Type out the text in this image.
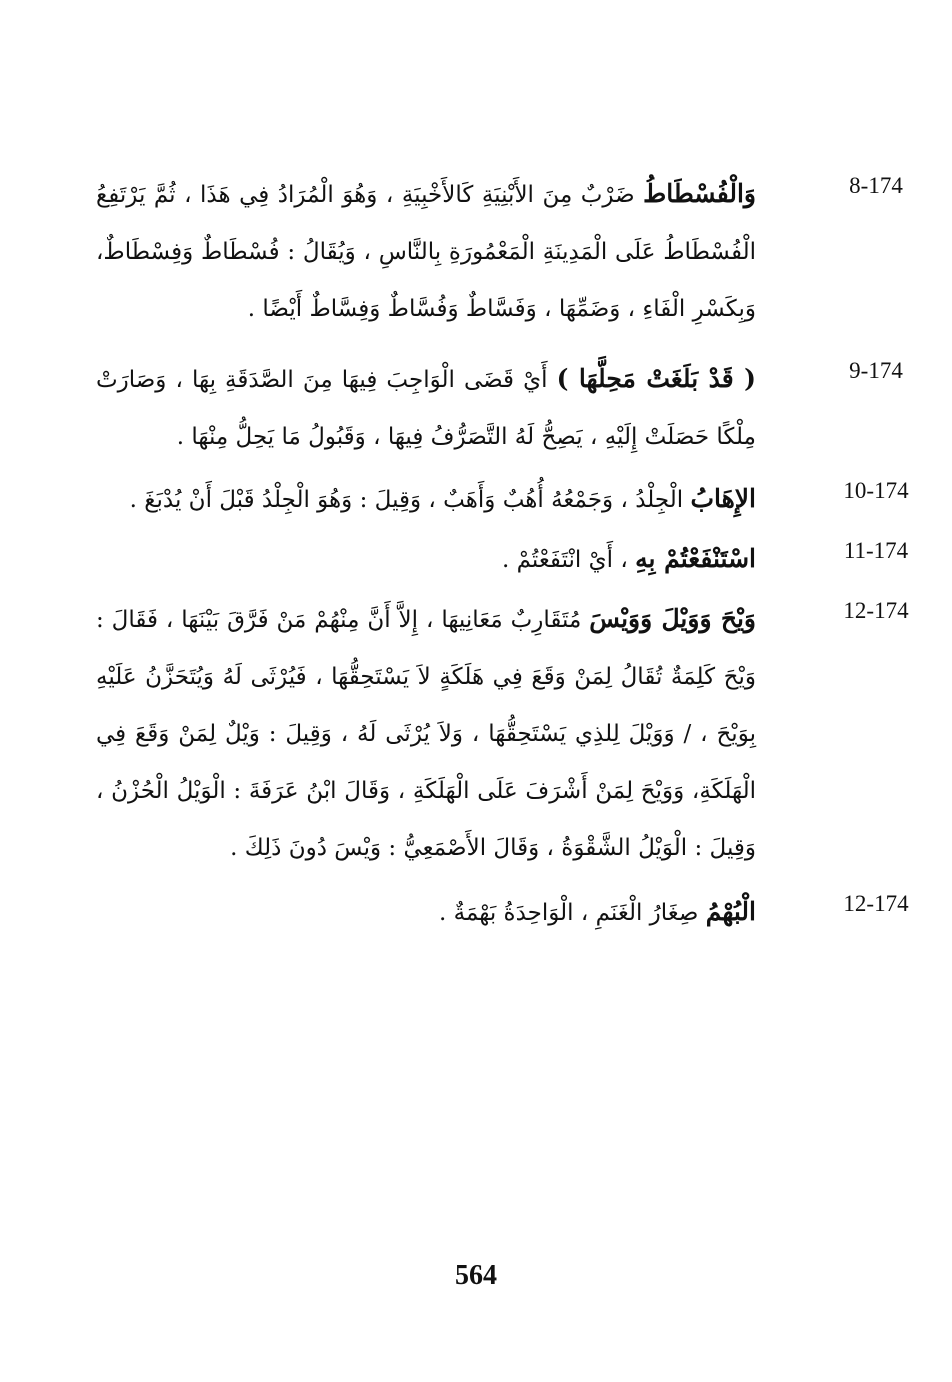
8-174
وَالْفُسْطَاطُ ضَرْبٌ مِنَ الأَبْنِيَةِ كَالأَخْبِيَةِ ، وَهُوَ الْمُرَادُ فِي هَذَا ، ثُمَّ يَرْتَفِعُ الْفُسْطَاطُ عَلَى الْمَدِينَةِ الْمَعْمُورَةِ بِالنَّاسِ ، وَيُقَالُ : فُسْطَاطٌ وَفِسْطَاطٌ، وَبِكَسْرِ الْفَاءِ ، وَضَمِّهَا ، وَفَسَّاطٌ وَفُسَّاطٌ وَفِسَّاطٌ أَيْضًا .
9-174
( قَدْ بَلَغَتْ مَحِلَّهَا ) أَيْ قَضَى الْوَاجِبَ فِيهَا مِنَ الصَّدَقَةِ بِهَا ، وَصَارَتْ مِلْكًا حَصَلَتْ إِلَيْهِ ، يَصِحُّ لَهُ التَّصَرُّفُ فِيهَا ، وَقَبُولُ مَا يَحِلُّ مِنْهَا .
10-174
الإِهَابُ الْجِلْدُ ، وَجَمْعُهُ أُهُبٌ وَأَهَبٌ ، وَقِيلَ : وَهُوَ الْجِلْدُ قَبْلَ أَنْ يُدْبَغَ .
11-174
اسْتَنْفَعْتُمْ بِهِ ، أَيْ انْتَفَعْتُمْ .
12-174
وَيْحَ وَوَيْلَ وَوَيْسَ مُتَقَارِبٌ مَعَانِيهَا ، إِلاَّ أَنَّ مِنْهُمْ مَنْ فَرَّقَ بَيْنَهَا ، فَقَالَ : وَيْحَ كَلِمَةٌ تُقَالُ لِمَنْ وَقَعَ فِي هَلَكَةٍ لاَ يَسْتَحِقُّهَا ، فَيُرْثَى لَهُ وَيُتَحَزَّنُ عَلَيْهِ بِوَيْحَ ، / وَوَيْلَ لِلذِي يَسْتَحِقُّهَا ، وَلاَ يُرْثَى لَهُ ، وَقِيلَ : وَيْلٌ لِمَنْ وَقَعَ فِي الْهَلَكَةِ، وَوَيْحَ لِمَنْ أَشْرَفَ عَلَى الْهَلَكَةِ ، وَقَالَ ابْنُ عَرَفَةَ : الْوَيْلُ الْحُزْنُ ، وَقِيلَ : الْوَيْلُ الشَّقْوَةُ ، وَقَالَ الأَصْمَعِيُّ : وَيْسَ دُونَ ذَلِكَ .
12-174
الْبُهْمُ صِغَارُ الْغَنَمِ ، الْوَاحِدَةُ بَهْمَةٌ .
564
